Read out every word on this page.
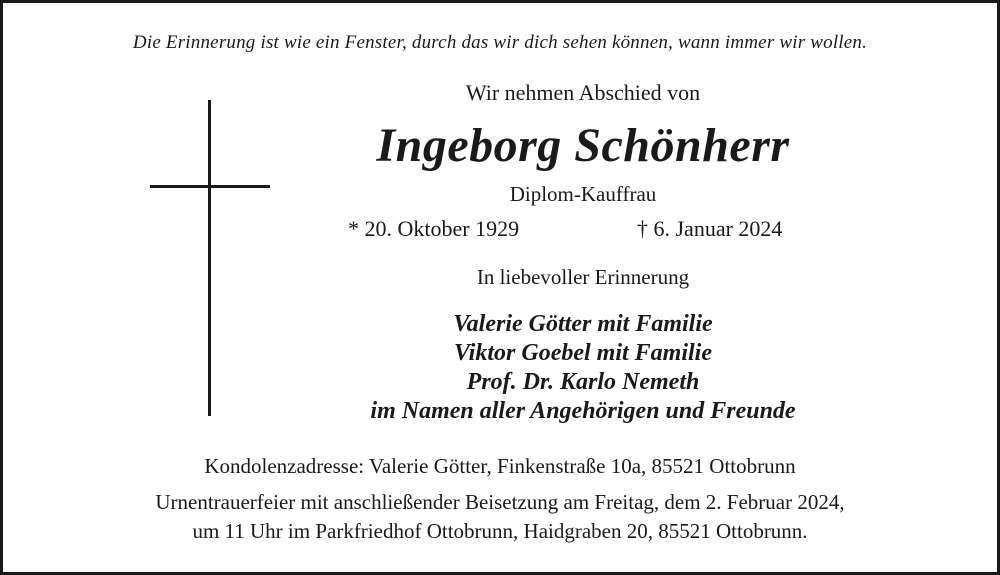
Die Erinnerung ist wie ein Fenster, durch das wir dich sehen können, wann immer wir wollen.
Wir nehmen Abschied von
Ingeborg Schönherr
Diplom-Kauffrau
* 20. Oktober 1929	† 6. Januar 2024
In liebevoller Erinnerung
Valerie Götter mit Familie
Viktor Goebel mit Familie
Prof. Dr. Karlo Nemeth
im Namen aller Angehörigen und Freunde
Kondolenzadresse: Valerie Götter, Finkenstraße 10a, 85521 Ottobrunn
Urnentrauerfeier mit anschließender Beisetzung am Freitag, dem 2. Februar 2024,
um 11 Uhr im Parkfriedhof Ottobrunn, Haidgraben 20, 85521 Ottobrunn.
